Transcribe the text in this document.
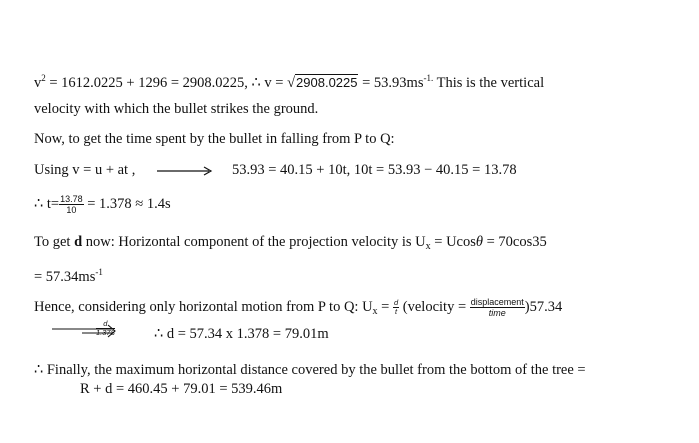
$v^2 = 1612.0225 + 1296 = 2908.0225$, ∴ $v = √2908.0225 = 53.93ms^{-1.}$ This is the vertical
velocity with which the bullet strikes the ground.
Now, to get the time spent by the bullet in falling from P to Q:
Using v = u + at ,	53.93 = 40.15 + 10t, 10t = 53.93 − 40.15 = 13.78
∴ $t= \frac{13.78}{10} = 1.378 \approx 1.4s$
To get d now: Horizontal component of the projection velocity is $U_x = Ucos\theta = 70\cos 35$
= $57.34ms^{-1}$
Hence, considering only horizontal motion from P to Q: $U_x = \frac{d}{t}$ (velocity = $\frac{\text{displacement}}{\text{time}} )57.34$
$\frac{d}{1.378}$	∴ d = 57.34 x 1.378 = 79.01m
∴ Finally, the maximum horizontal distance covered by the bullet from the bottom of the tree =
R + d = 460.45 + 79.01 = 539.46m
